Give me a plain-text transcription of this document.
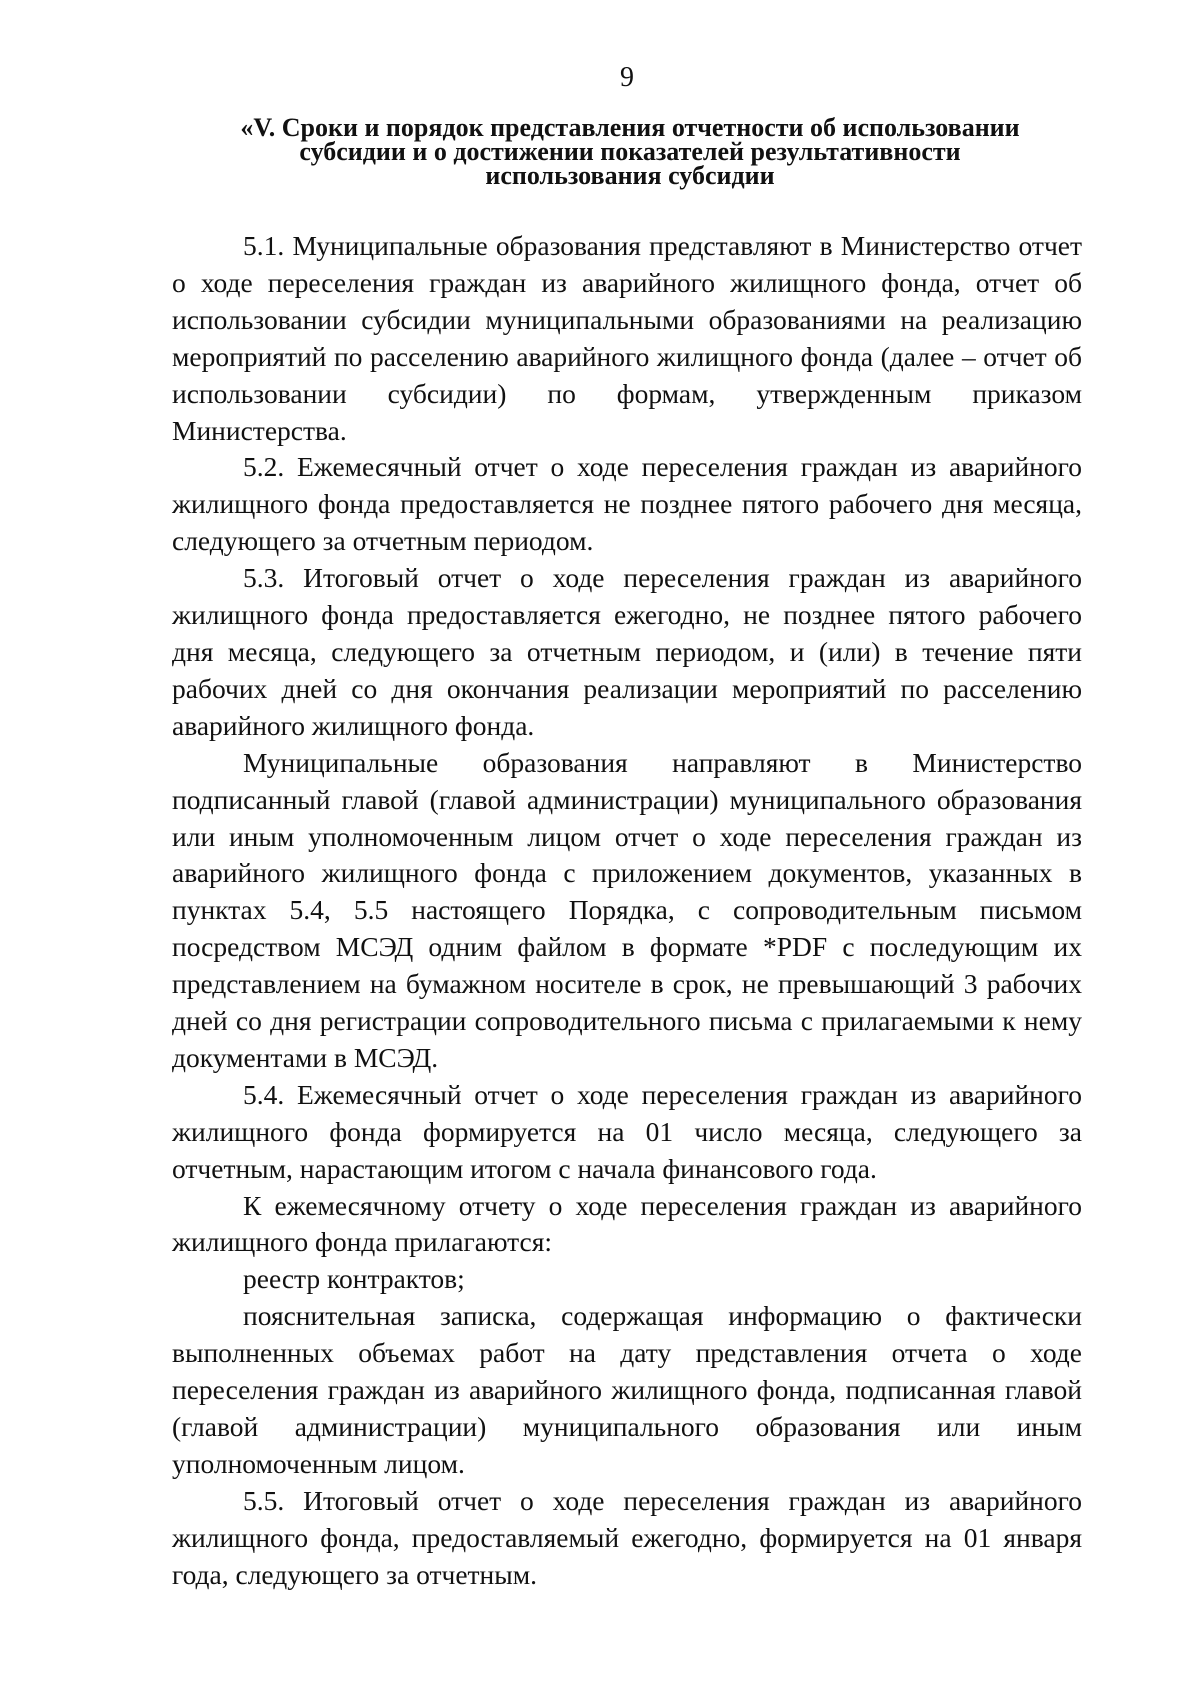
9
«V. Сроки и порядок представления отчетности об использовании
субсидии и о достижении показателей результативности
использования субсидии

5.1. Муниципальные образования представляют в Министерство отчет о ходе переселения граждан из аварийного жилищного фонда, отчет об использовании субсидии муниципальными образованиями на реализацию мероприятий по расселению аварийного жилищного фонда (далее – отчет об использовании субсидии) по формам, утвержденным приказом Министерства.

5.2. Ежемесячный отчет о ходе переселения граждан из аварийного жилищного фонда предоставляется не позднее пятого рабочего дня месяца, следующего за отчетным периодом.

5.3. Итоговый отчет о ходе переселения граждан из аварийного жилищного фонда предоставляется ежегодно, не позднее пятого рабочего дня месяца, следующего за отчетным периодом, и (или) в течение пяти рабочих дней со дня окончания реализации мероприятий по расселению аварийного жилищного фонда.

Муниципальные образования направляют в Министерство подписанный главой (главой администрации) муниципального образования или иным уполномоченным лицом отчет о ходе переселения граждан из аварийного жилищного фонда с приложением документов, указанных в пунктах 5.4, 5.5 настоящего Порядка, с сопроводительным письмом посредством МСЭД одним файлом в формате *PDF с последующим их представлением на бумажном носителе в срок, не превышающий 3 рабочих дней со дня регистрации сопроводительного письма с прилагаемыми к нему документами в МСЭД.

5.4. Ежемесячный отчет о ходе переселения граждан из аварийного жилищного фонда формируется на 01 число месяца, следующего за отчетным, нарастающим итогом с начала финансового года.

К ежемесячному отчету о ходе переселения граждан из аварийного жилищного фонда прилагаются:

реестр контрактов;

пояснительная записка, содержащая информацию о фактически выполненных объемах работ на дату представления отчета о ходе переселения граждан из аварийного жилищного фонда, подписанная главой (главой администрации) муниципального образования или иным уполномоченным лицом.

5.5. Итоговый отчет о ходе переселения граждан из аварийного жилищного фонда, предоставляемый ежегодно, формируется на 01 января года, следующего за отчетным.
